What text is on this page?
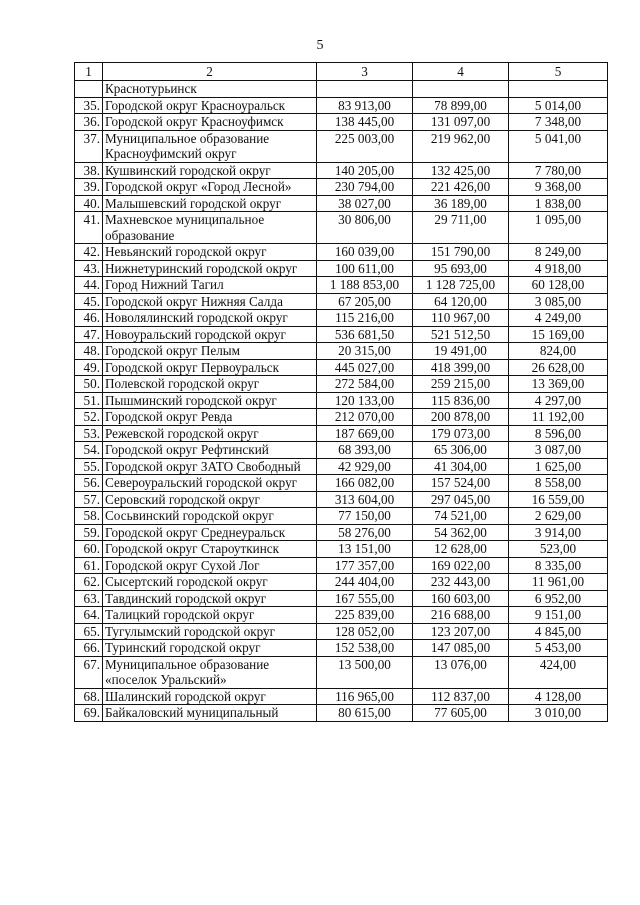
5
1	2	3	4	5
	Краснотурьинск			
35.	Городской округ Красноуральск	83 913,00	78 899,00	5 014,00
36.	Городской округ Красноуфимск	138 445,00	131 097,00	7 348,00
37.	Муниципальное образование Красноуфимский округ	225 003,00	219 962,00	5 041,00
38.	Кушвинский городской округ	140 205,00	132 425,00	7 780,00
39.	Городской округ «Город Лесной»	230 794,00	221 426,00	9 368,00
40.	Малышевский городской округ	38 027,00	36 189,00	1 838,00
41.	Махневское муниципальное образование	30 806,00	29 711,00	1 095,00
42.	Невьянский городской округ	160 039,00	151 790,00	8 249,00
43.	Нижнетуринский городской округ	100 611,00	95 693,00	4 918,00
44.	Город Нижний Тагил	1 188 853,00	1 128 725,00	60 128,00
45.	Городской округ Нижняя Салда	67 205,00	64 120,00	3 085,00
46.	Новолялинский городской округ	115 216,00	110 967,00	4 249,00
47.	Новоуральский городской округ	536 681,50	521 512,50	15 169,00
48.	Городской округ Пелым	20 315,00	19 491,00	824,00
49.	Городской округ Первоуральск	445 027,00	418 399,00	26 628,00
50.	Полевской городской округ	272 584,00	259 215,00	13 369,00
51.	Пышминский городской округ	120 133,00	115 836,00	4 297,00
52.	Городской округ Ревда	212 070,00	200 878,00	11 192,00
53.	Режевской городской округ	187 669,00	179 073,00	8 596,00
54.	Городской округ Рефтинский	68 393,00	65 306,00	3 087,00
55.	Городской округ ЗАТО Свободный	42 929,00	41 304,00	1 625,00
56.	Североуральский городской округ	166 082,00	157 524,00	8 558,00
57.	Серовский городской округ	313 604,00	297 045,00	16 559,00
58.	Сосьвинский городской округ	77 150,00	74 521,00	2 629,00
59.	Городской округ Среднеуральск	58 276,00	54 362,00	3 914,00
60.	Городской округ Староуткинск	13 151,00	12 628,00	523,00
61.	Городской округ Сухой Лог	177 357,00	169 022,00	8 335,00
62.	Сысертский городской округ	244 404,00	232 443,00	11 961,00
63.	Тавдинский городской округ	167 555,00	160 603,00	6 952,00
64.	Талицкий городской округ	225 839,00	216 688,00	9 151,00
65.	Тугулымский городской округ	128 052,00	123 207,00	4 845,00
66.	Туринский городской округ	152 538,00	147 085,00	5 453,00
67.	Муниципальное образование «поселок Уральский»	13 500,00	13 076,00	424,00
68.	Шалинский городской округ	116 965,00	112 837,00	4 128,00
69.	Байкаловский муниципальный	80 615,00	77 605,00	3 010,00
